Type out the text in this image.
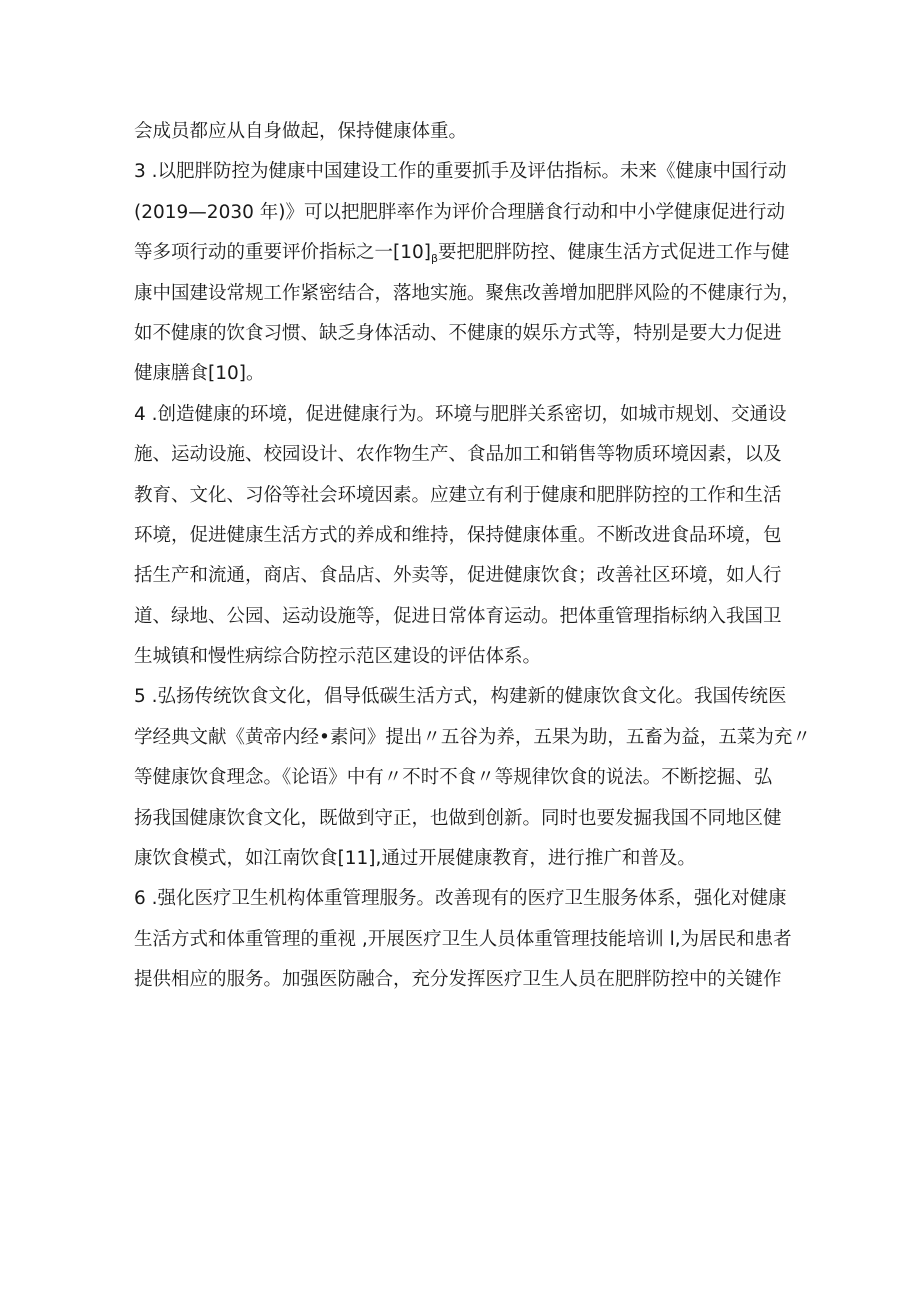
会成员都应从自身做起，保持健康体重。
3 .以肥胖防控为健康中国建设工作的重要抓手及评估指标。未来《健康中国行动
(2019—2030 年)》可以把肥胖率作为评价合理膳食行动和中小学健康促进行动
等多项行动的重要评价指标之一$[10]_\beta$要把肥胖防控、健康生活方式促进工作与健
康中国建设常规工作紧密结合，落地实施。聚焦改善增加肥胖风险的不健康行为，
如不健康的饮食习惯、缺乏身体活动、不健康的娱乐方式等，特别是要大力促进
健康膳食[10]。
4 .创造健康的环境，促进健康行为。环境与肥胖关系密切，如城市规划、交通设
施、运动设施、校园设计、农作物生产、食品加工和销售等物质环境因素，以及
教育、文化、习俗等社会环境因素。应建立有利于健康和肥胖防控的工作和生活
环境，促进健康生活方式的养成和维持，保持健康体重。不断改进食品环境，包
括生产和流通，商店、食品店、外卖等，促进健康饮食；改善社区环境，如人行
道、绿地、公园、运动设施等，促进日常体育运动。把体重管理指标纳入我国卫
生城镇和慢性病综合防控示范区建设的评估体系。
5 .弘扬传统饮食文化，倡导低碳生活方式，构建新的健康饮食文化。我国传统医
学经典文献《黄帝内经•素问》提出〃五谷为养，五果为助，五畜为益，五菜为充〃
等健康饮食理念。《论语》中有〃不时不食〃等规律饮食的说法。不断挖掘、弘
扬我国健康饮食文化，既做到守正，也做到创新。同时也要发掘我国不同地区健
康饮食模式，如江南饮食[11],通过开展健康教育，进行推广和普及。
6 .强化医疗卫生机构体重管理服务。改善现有的医疗卫生服务体系，强化对健康
生活方式和体重管理的重视 ,开展医疗卫生人员体重管理技能培训 l,为居民和患者
提供相应的服务。加强医防融合，充分发挥医疗卫生人员在肥胖防控中的关键作
